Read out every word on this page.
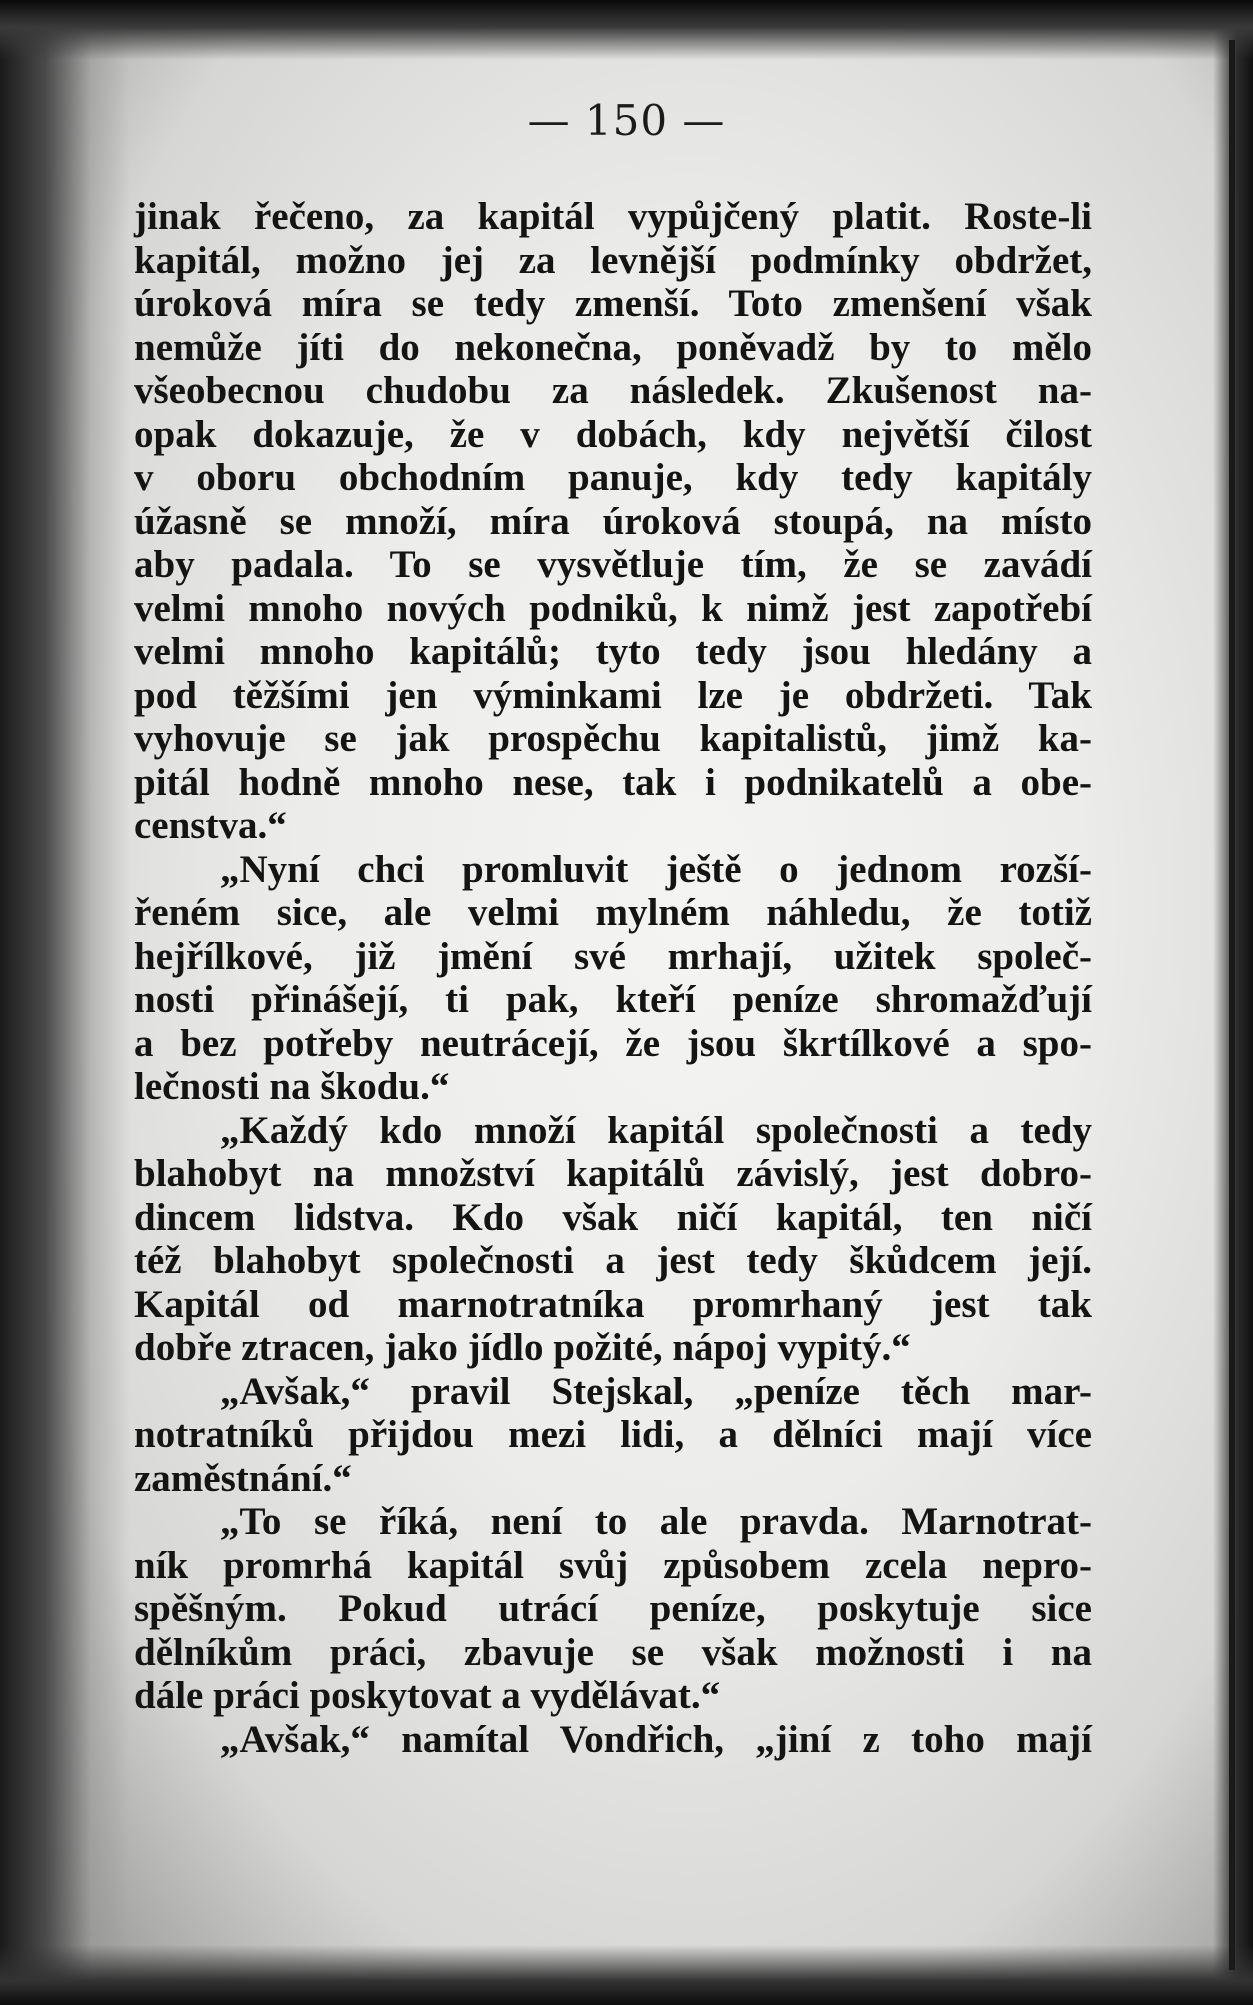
— 150 —
jinak řečeno, za kapitál vypůjčený platit. Roste-li
kapitál, možno jej za levnější podmínky obdržet,
úroková míra se tedy zmenší. Toto zmenšení však
nemůže jíti do nekonečna, poněvadž by to mělo
všeobecnou chudobu za následek. Zkušenost na-
opak dokazuje, že v dobách, kdy největší čilost
v oboru obchodním panuje, kdy tedy kapitály
úžasně se množí, míra úroková stoupá, na místo
aby padala. To se vysvětluje tím, že se zavádí
velmi mnoho nových podniků, k nimž jest zapotřebí
velmi mnoho kapitálů; tyto tedy jsou hledány a
pod těžšími jen výminkami lze je obdržeti. Tak
vyhovuje se jak prospěchu kapitalistů, jimž ka-
pitál hodně mnoho nese, tak i podnikatelů a obe-
censtva.“
„Nyní chci promluvit ještě o jednom rozší-
řeném sice, ale velmi mylném náhledu, že totiž
hejřílkové, již jmění své mrhají, užitek společ-
nosti přinášejí, ti pak, kteří peníze shromažďují
a bez potřeby neutrácejí, že jsou škrtílkové a spo-
lečnosti na škodu.“
„Každý kdo množí kapitál společnosti a tedy
blahobyt na množství kapitálů závislý, jest dobro-
dincem lidstva. Kdo však ničí kapitál, ten ničí
též blahobyt společnosti a jest tedy škůdcem její.
Kapitál od marnotratníka promrhaný jest tak
dobře ztracen, jako jídlo požité, nápoj vypitý.“
„Avšak,“ pravil Stejskal, „peníze těch mar-
notratníků přijdou mezi lidi, a dělníci mají více
zaměstnání.“
„To se říká, není to ale pravda. Marnotrat-
ník promrhá kapitál svůj způsobem zcela nepro-
spěšným. Pokud utrácí peníze, poskytuje sice
dělníkům práci, zbavuje se však možnosti i na
dále práci poskytovat a vydělávat.“
„Avšak,“ namítal Vondřich, „jiní z toho mají
